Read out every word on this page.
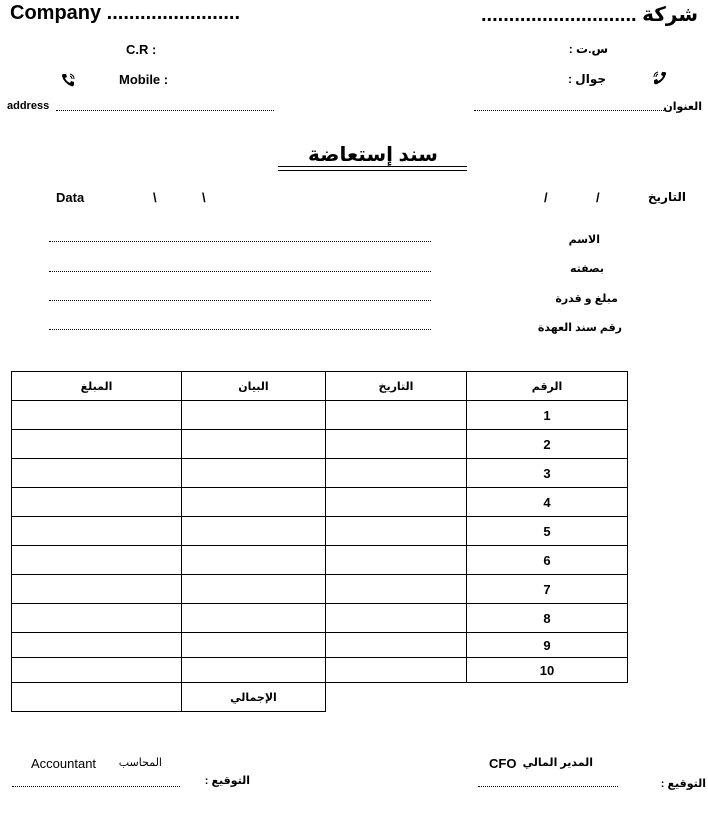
Company ........................	شركة ............................
C.R :	س.ت :
Mobile :	جوال :
address	العنوان
سند إستعاضة
Data	\	\	/	/	التاريخ
الاسم
بصفته
مبلغ و قدرة
رقم سند العهدة
المبلغ	البيان	التاريخ	الرقم
			1
			2
			3
			4
			5
			6
			7
			8
			9
			10
	الإجمالي		
Accountant المحاسب
التوقيع :
CFO المدير المالي
التوقيع :
